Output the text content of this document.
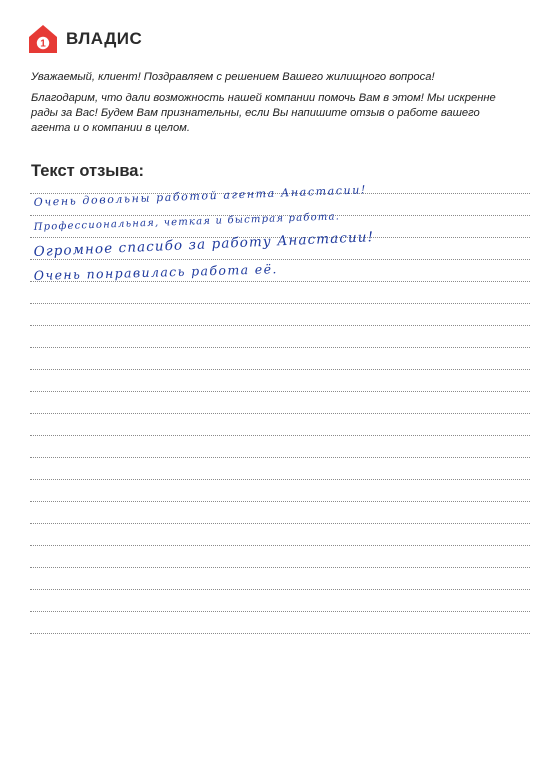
1 ВЛАДИС
Уважаемый, клиент! Поздравляем с решением Вашего жилищного вопроса!
Благодарим, что дали возможность нашей компании помочь Вам в этом! Мы искренне рады за Вас! Будем Вам признательны, если Вы напишите отзыв о работе вашего агента и о компании в целом.
Текст отзыва:
Очень довольны работой агента Анастасии!
Профессиональная, четкая и быстрая работа.
Огромное спасибо за работу Анастасии!
Очень понравилась работа её.
